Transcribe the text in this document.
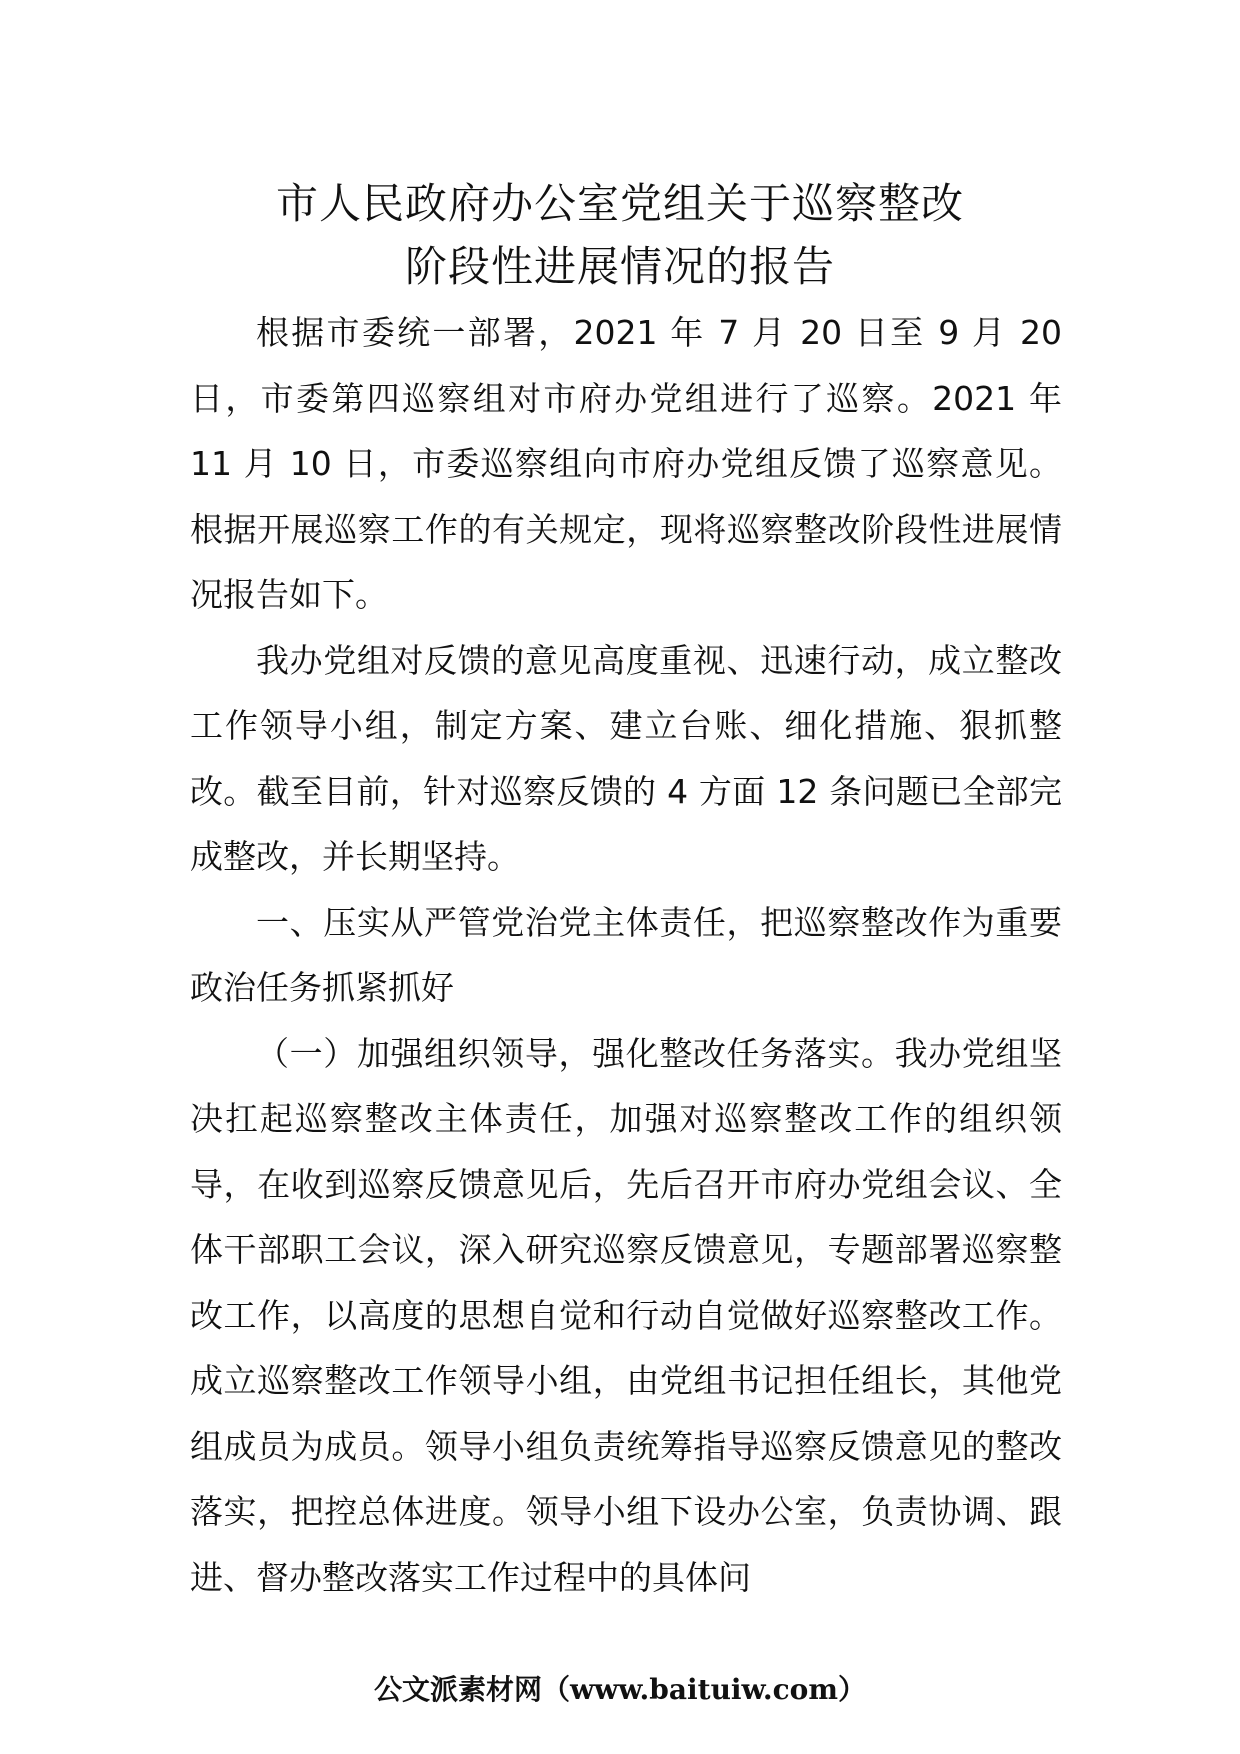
市人民政府办公室党组关于巡察整改
阶段性进展情况的报告

根据市委统一部署，2021 年 7 月 20 日至 9 月 20 日，市委第四巡察组对市府办党组进行了巡察。2021 年 11 月 10 日，市委巡察组向市府办党组反馈了巡察意见。根据开展巡察工作的有关规定，现将巡察整改阶段性进展情况报告如下。

我办党组对反馈的意见高度重视、迅速行动，成立整改工作领导小组，制定方案、建立台账、细化措施、狠抓整改。截至目前，针对巡察反馈的 4 方面 12 条问题已全部完成整改，并长期坚持。

一、压实从严管党治党主体责任，把巡察整改作为重要政治任务抓紧抓好

（一）加强组织领导，强化整改任务落实。我办党组坚决扛起巡察整改主体责任，加强对巡察整改工作的组织领导，在收到巡察反馈意见后，先后召开市府办党组会议、全体干部职工会议，深入研究巡察反馈意见，专题部署巡察整改工作，以高度的思想自觉和行动自觉做好巡察整改工作。成立巡察整改工作领导小组，由党组书记担任组长，其他党组成员为成员。领导小组负责统筹指导巡察反馈意见的整改落实，把控总体进度。领导小组下设办公室，负责协调、跟进、督办整改落实工作过程中的具体问

公文派素材网（www.baituiw.com）
